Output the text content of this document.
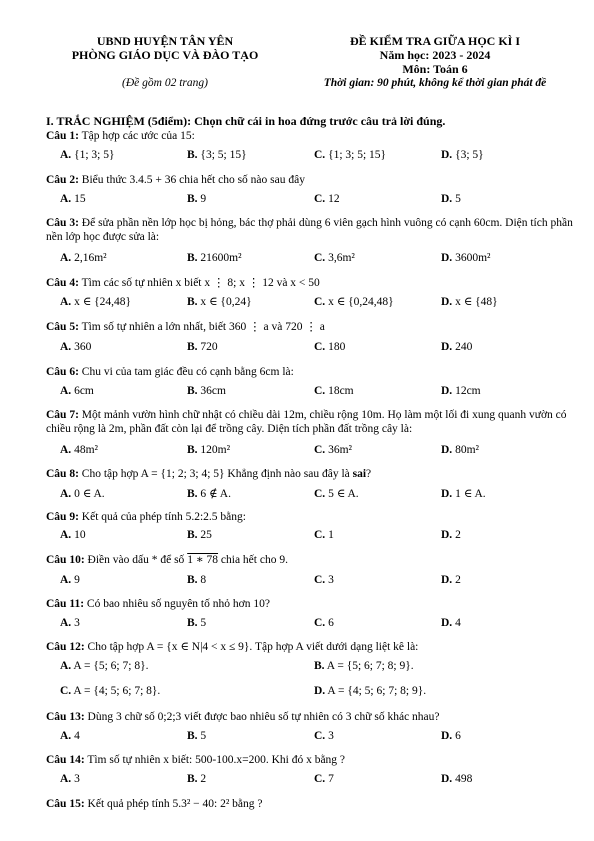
UBND HUYỆN TÂN YÊN
PHÒNG GIÁO DỤC VÀ ĐÀO TẠO
(Đề gồm 02 trang)
ĐỀ KIỂM TRA GIỮA HỌC KÌ I
Năm học: 2023 - 2024
Môn: Toán 6
Thời gian: 90 phút, không kể thời gian phát đề
I. TRẮC NGHIỆM (5điểm): Chọn chữ cái in hoa đứng trước câu trả lời đúng.
Câu 1: Tập hợp các ước của 15:
A. {1; 3; 5}	B. {3; 5; 15}	C. {1; 3; 5; 15}	D. {3; 5}
Câu 2: Biểu thức 3.4.5 + 36 chia hết cho số nào sau đây
A. 15	B. 9	C. 12	D. 5
Câu 3: Để sửa phần nền lớp học bị hỏng, bác thợ phải dùng 6 viên gạch hình vuông có cạnh 60cm. Diện tích phần nền lớp học được sửa là:
A. 2,16m²	B. 21600m²	C. 3,6m²	D. 3600m²
Câu 4: Tìm các số tự nhiên x biết x ⋮ 8; x ⋮ 12 và x < 50
A. x ∈ {24,48}	B. x ∈ {0,24}	C. x ∈ {0,24,48}	D. x ∈ {48}
Câu 5: Tìm số tự nhiên a lớn nhất, biết 360 ⋮ a và 720 ⋮ a
A. 360	B. 720	C. 180	D. 240
Câu 6: Chu vi của tam giác đều có cạnh bằng 6cm là:
A. 6cm	B. 36cm	C. 18cm	D. 12cm
Câu 7: Một mảnh vườn hình chữ nhật có chiều dài 12m, chiều rộng 10m. Họ làm một lối đi xung quanh vườn có chiều rộng là 2m, phần đất còn lại để trồng cây. Diện tích phần đất trồng cây là:
A. 48m²	B. 120m²	C. 36m²	D. 80m²
Câu 8: Cho tập hợp A = {1; 2; 3; 4; 5} Khẳng định nào sau đây là sai?
A. 0 ∈ A.	B. 6 ∉ A.	C. 5 ∈ A.	D. 1 ∈ A.
Câu 9: Kết quả của phép tính 5.2:2.5 bằng:
A. 10	B. 25	C. 1	D. 2
Câu 10: Điền vào dấu * để số 1 ∗ 78 chia hết cho 9.
A. 9	B. 8	C. 3	D. 2
Câu 11: Có bao nhiêu số nguyên tố nhỏ hơn 10?
A. 3	B. 5	C. 6	D. 4
Câu 12: Cho tập hợp A = {x ∈ N|4 < x ≤ 9}. Tập hợp A viết dưới dạng liệt kê là:
A. A = {5; 6; 7; 8}.	B. A = {5; 6; 7; 8; 9}.
C. A = {4; 5; 6; 7; 8}.	D. A = {4; 5; 6; 7; 8; 9}.
Câu 13: Dùng 3 chữ số 0;2;3 viết được bao nhiêu số tự nhiên có 3 chữ số khác nhau?
A. 4	B. 5	C. 3	D. 6
Câu 14: Tìm số tự nhiên x biết: 500-100.x=200. Khi đó x bằng ?
A. 3	B. 2	C. 7	D. 498
Câu 15: Kết quả phép tính 5.3² − 40: 2² bằng ?
